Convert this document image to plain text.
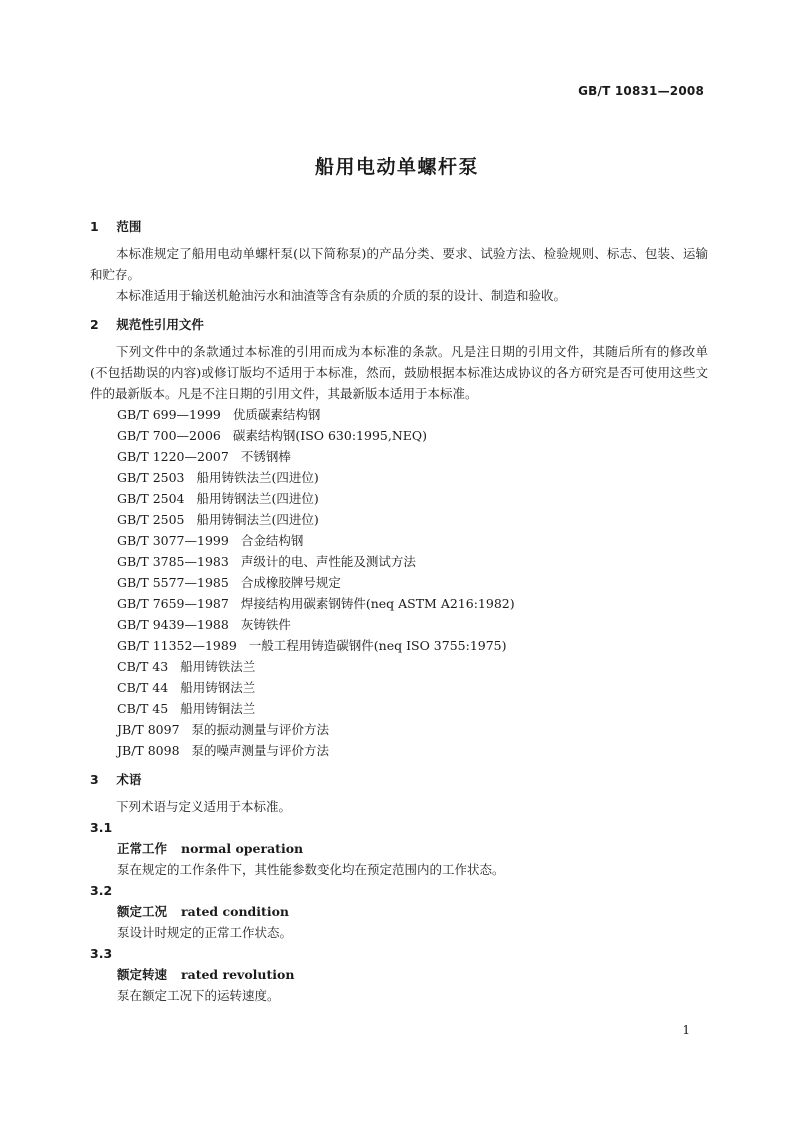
GB/T 10831—2008
船用电动单螺杆泵
1 范围

本标准规定了船用电动单螺杆泵(以下简称泵)的产品分类、要求、试验方法、检验规则、标志、包装、运输和贮存。

本标准适用于输送机舱油污水和油渣等含有杂质的介质的泵的设计、制造和验收。

2 规范性引用文件

下列文件中的条款通过本标准的引用而成为本标准的条款。凡是注日期的引用文件，其随后所有的修改单(不包括勘误的内容)或修订版均不适用于本标准，然而，鼓励根据本标准达成协议的各方研究是否可使用这些文件的最新版本。凡是不注日期的引用文件，其最新版本适用于本标准。

GB/T 699—1999 优质碳素结构钢
GB/T 700—2006 碳素结构钢(ISO 630:1995,NEQ)
GB/T 1220—2007 不锈钢棒
GB/T 2503 船用铸铁法兰(四进位)
GB/T 2504 船用铸钢法兰(四进位)
GB/T 2505 船用铸铜法兰(四进位)
GB/T 3077—1999 合金结构钢
GB/T 3785—1983 声级计的电、声性能及测试方法
GB/T 5577—1985 合成橡胶牌号规定
GB/T 7659—1987 焊接结构用碳素钢铸件(neq ASTM A216:1982)
GB/T 9439—1988 灰铸铁件
GB/T 11352—1989 一般工程用铸造碳钢件(neq ISO 3755:1975)
CB/T 43 船用铸铁法兰
CB/T 44 船用铸钢法兰
CB/T 45 船用铸铜法兰
JB/T 8097 泵的振动测量与评价方法
JB/T 8098 泵的噪声测量与评价方法
3 术语

下列术语与定义适用于本标准。

3.1
正常工作 normal operation
泵在规定的工作条件下，其性能参数变化均在预定范围内的工作状态。
3.2
额定工况 rated condition
泵设计时规定的正常工作状态。
3.3
额定转速 rated revolution
泵在额定工况下的运转速度。
1
